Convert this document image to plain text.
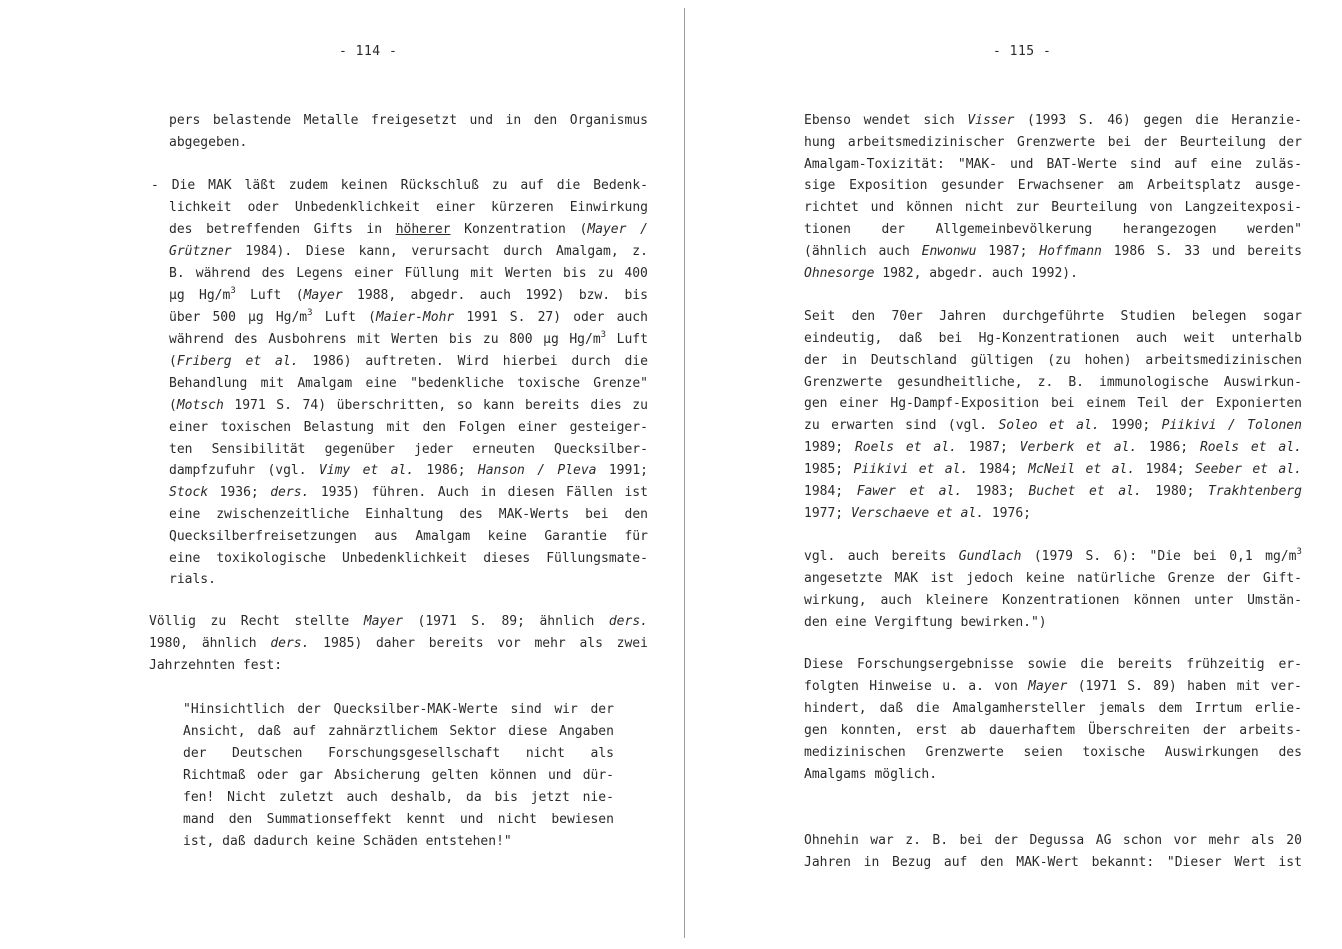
- 114 -
pers belastende Metalle freigesetzt und in den Organismus
abgegeben.
- Die MAK läßt zudem keinen Rückschluß zu auf die Bedenk-
lichkeit oder Unbedenklichkeit einer kürzeren Einwirkung
des betreffenden Gifts in höherer Konzentration (Mayer /
Grützner 1984). Diese kann, verursacht durch Amalgam, z.
B. während des Legens einer Füllung mit Werten bis zu 400
µg $Hg/m^3$ Luft (Mayer 1988, abgedr. auch 1992) bzw. bis
über 500 µg $Hg/m^3$ Luft (Maier-Mohr 1991 S. 27) oder auch
während des Ausbohrens mit Werten bis zu 800 µg $Hg/m^3$ Luft
(Friberg et al. 1986) auftreten. Wird hierbei durch die
Behandlung mit Amalgam eine "bedenkliche toxische Grenze"
(Motsch 1971 S. 74) überschritten, so kann bereits dies zu
einer toxischen Belastung mit den Folgen einer gesteiger-
ten Sensibilität gegenüber jeder erneuten Quecksilber-
dampfzufuhr (vgl. Vimy et al. 1986; Hanson / Pleva 1991;
Stock 1936; ders. 1935) führen. Auch in diesen Fällen ist
eine zwischenzeitliche Einhaltung des MAK-Werts bei den
Quecksilberfreisetzungen aus Amalgam keine Garantie für
eine toxikologische Unbedenklichkeit dieses Füllungsmate-
rials.
Völlig zu Recht stellte Mayer (1971 S. 89; ähnlich ders.
1980, ähnlich ders. 1985) daher bereits vor mehr als zwei
Jahrzehnten fest:
"Hinsichtlich der Quecksilber-MAK-Werte sind wir der
Ansicht, daß auf zahnärztlichem Sektor diese Angaben
der Deutschen Forschungsgesellschaft nicht als
Richtmaß oder gar Absicherung gelten können und dür-
fen! Nicht zuletzt auch deshalb, da bis jetzt nie-
mand den Summationseffekt kennt und nicht bewiesen
ist, daß dadurch keine Schäden entstehen!"
- 115 -
Ebenso wendet sich Visser (1993 S. 46) gegen die Heranzie-
hung arbeitsmedizinischer Grenzwerte bei der Beurteilung der
Amalgam-Toxizität: "MAK- und BAT-Werte sind auf eine zuläs-
sige Exposition gesunder Erwachsener am Arbeitsplatz ausge-
richtet und können nicht zur Beurteilung von Langzeitexposi-
tionen der Allgemeinbevölkerung herangezogen werden"
(ähnlich auch Enwonwu 1987; Hoffmann 1986 S. 33 und bereits
Ohnesorge 1982, abgedr. auch 1992).
Seit den 70er Jahren durchgeführte Studien belegen sogar
eindeutig, daß bei Hg-Konzentrationen auch weit unterhalb
der in Deutschland gültigen (zu hohen) arbeitsmedizinischen
Grenzwerte gesundheitliche, z. B. immunologische Auswirkun-
gen einer Hg-Dampf-Exposition bei einem Teil der Exponierten
zu erwarten sind (vgl. Soleo et al. 1990; Piikivi / Tolonen
1989; Roels et al. 1987; Verberk et al. 1986; Roels et al.
1985; Piikivi et al. 1984; McNeil et al. 1984; Seeber et al.
1984; Fawer et al. 1983; Buchet et al. 1980; Trakhtenberg
1977; Verschaeve et al. 1976;
vgl. auch bereits Gundlach (1979 S. 6): "Die bei 0,1 $mg/m^3$
angesetzte MAK ist jedoch keine natürliche Grenze der Gift-
wirkung, auch kleinere Konzentrationen können unter Umstän-
den eine Vergiftung bewirken.")
Diese Forschungsergebnisse sowie die bereits frühzeitig er-
folgten Hinweise u. a. von Mayer (1971 S. 89) haben mit ver-
hindert, daß die Amalgamhersteller jemals dem Irrtum erlie-
gen konnten, erst ab dauerhaftem Überschreiten der arbeits-
medizinischen Grenzwerte seien toxische Auswirkungen des
Amalgams möglich.
Ohnehin war z. B. bei der Degussa AG schon vor mehr als 20
Jahren in Bezug auf den MAK-Wert bekannt: "Dieser Wert ist
